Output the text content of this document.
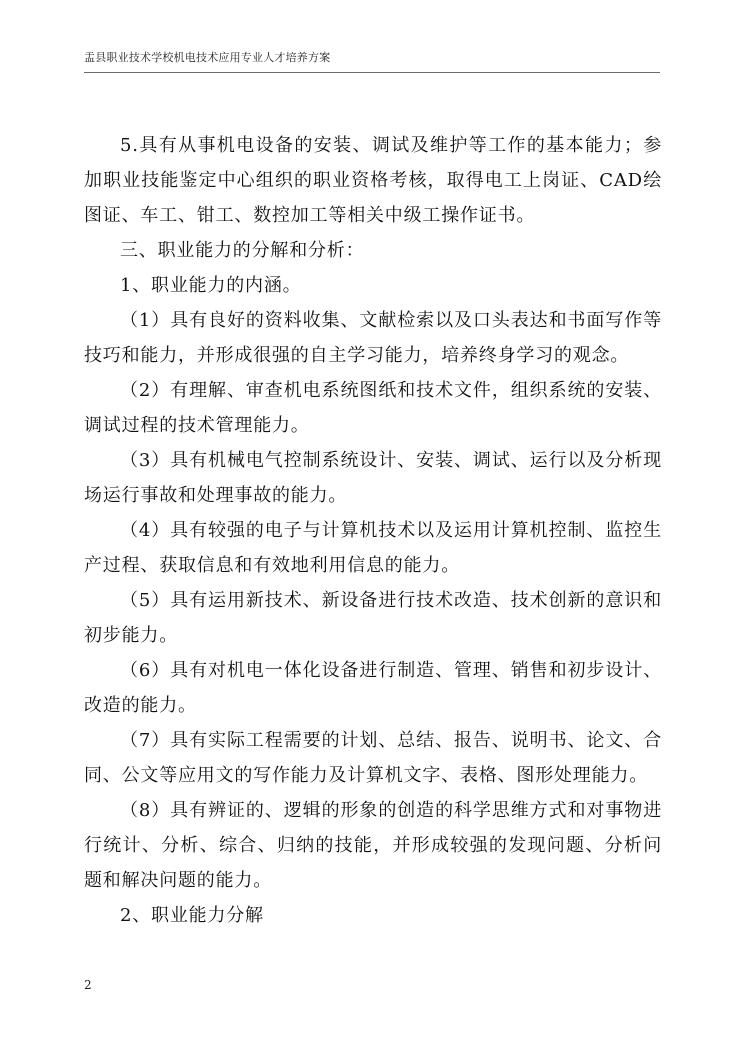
盂县职业技术学校机电技术应用专业人才培养方案

5.具有从事机电设备的安装、调试及维护等工作的基本能力；参加职业技能鉴定中心组织的职业资格考核，取得电工上岗证、CAD绘图证、车工、钳工、数控加工等相关中级工操作证书。

三、职业能力的分解和分析：

1、职业能力的内涵。

（1）具有良好的资料收集、文献检索以及口头表达和书面写作等技巧和能力，并形成很强的自主学习能力，培养终身学习的观念。

（2）有理解、审查机电系统图纸和技术文件，组织系统的安装、调试过程的技术管理能力。

（3）具有机械电气控制系统设计、安装、调试、运行以及分析现场运行事故和处理事故的能力。

（4）具有较强的电子与计算机技术以及运用计算机控制、监控生产过程、获取信息和有效地利用信息的能力。

（5）具有运用新技术、新设备进行技术改造、技术创新的意识和初步能力。

（6）具有对机电一体化设备进行制造、管理、销售和初步设计、改造的能力。

（7）具有实际工程需要的计划、总结、报告、说明书、论文、合同、公文等应用文的写作能力及计算机文字、表格、图形处理能力。

（8）具有辨证的、逻辑的形象的创造的科学思维方式和对事物进行统计、分析、综合、归纳的技能，并形成较强的发现问题、分析问题和解决问题的能力。

2、职业能力分解

2
